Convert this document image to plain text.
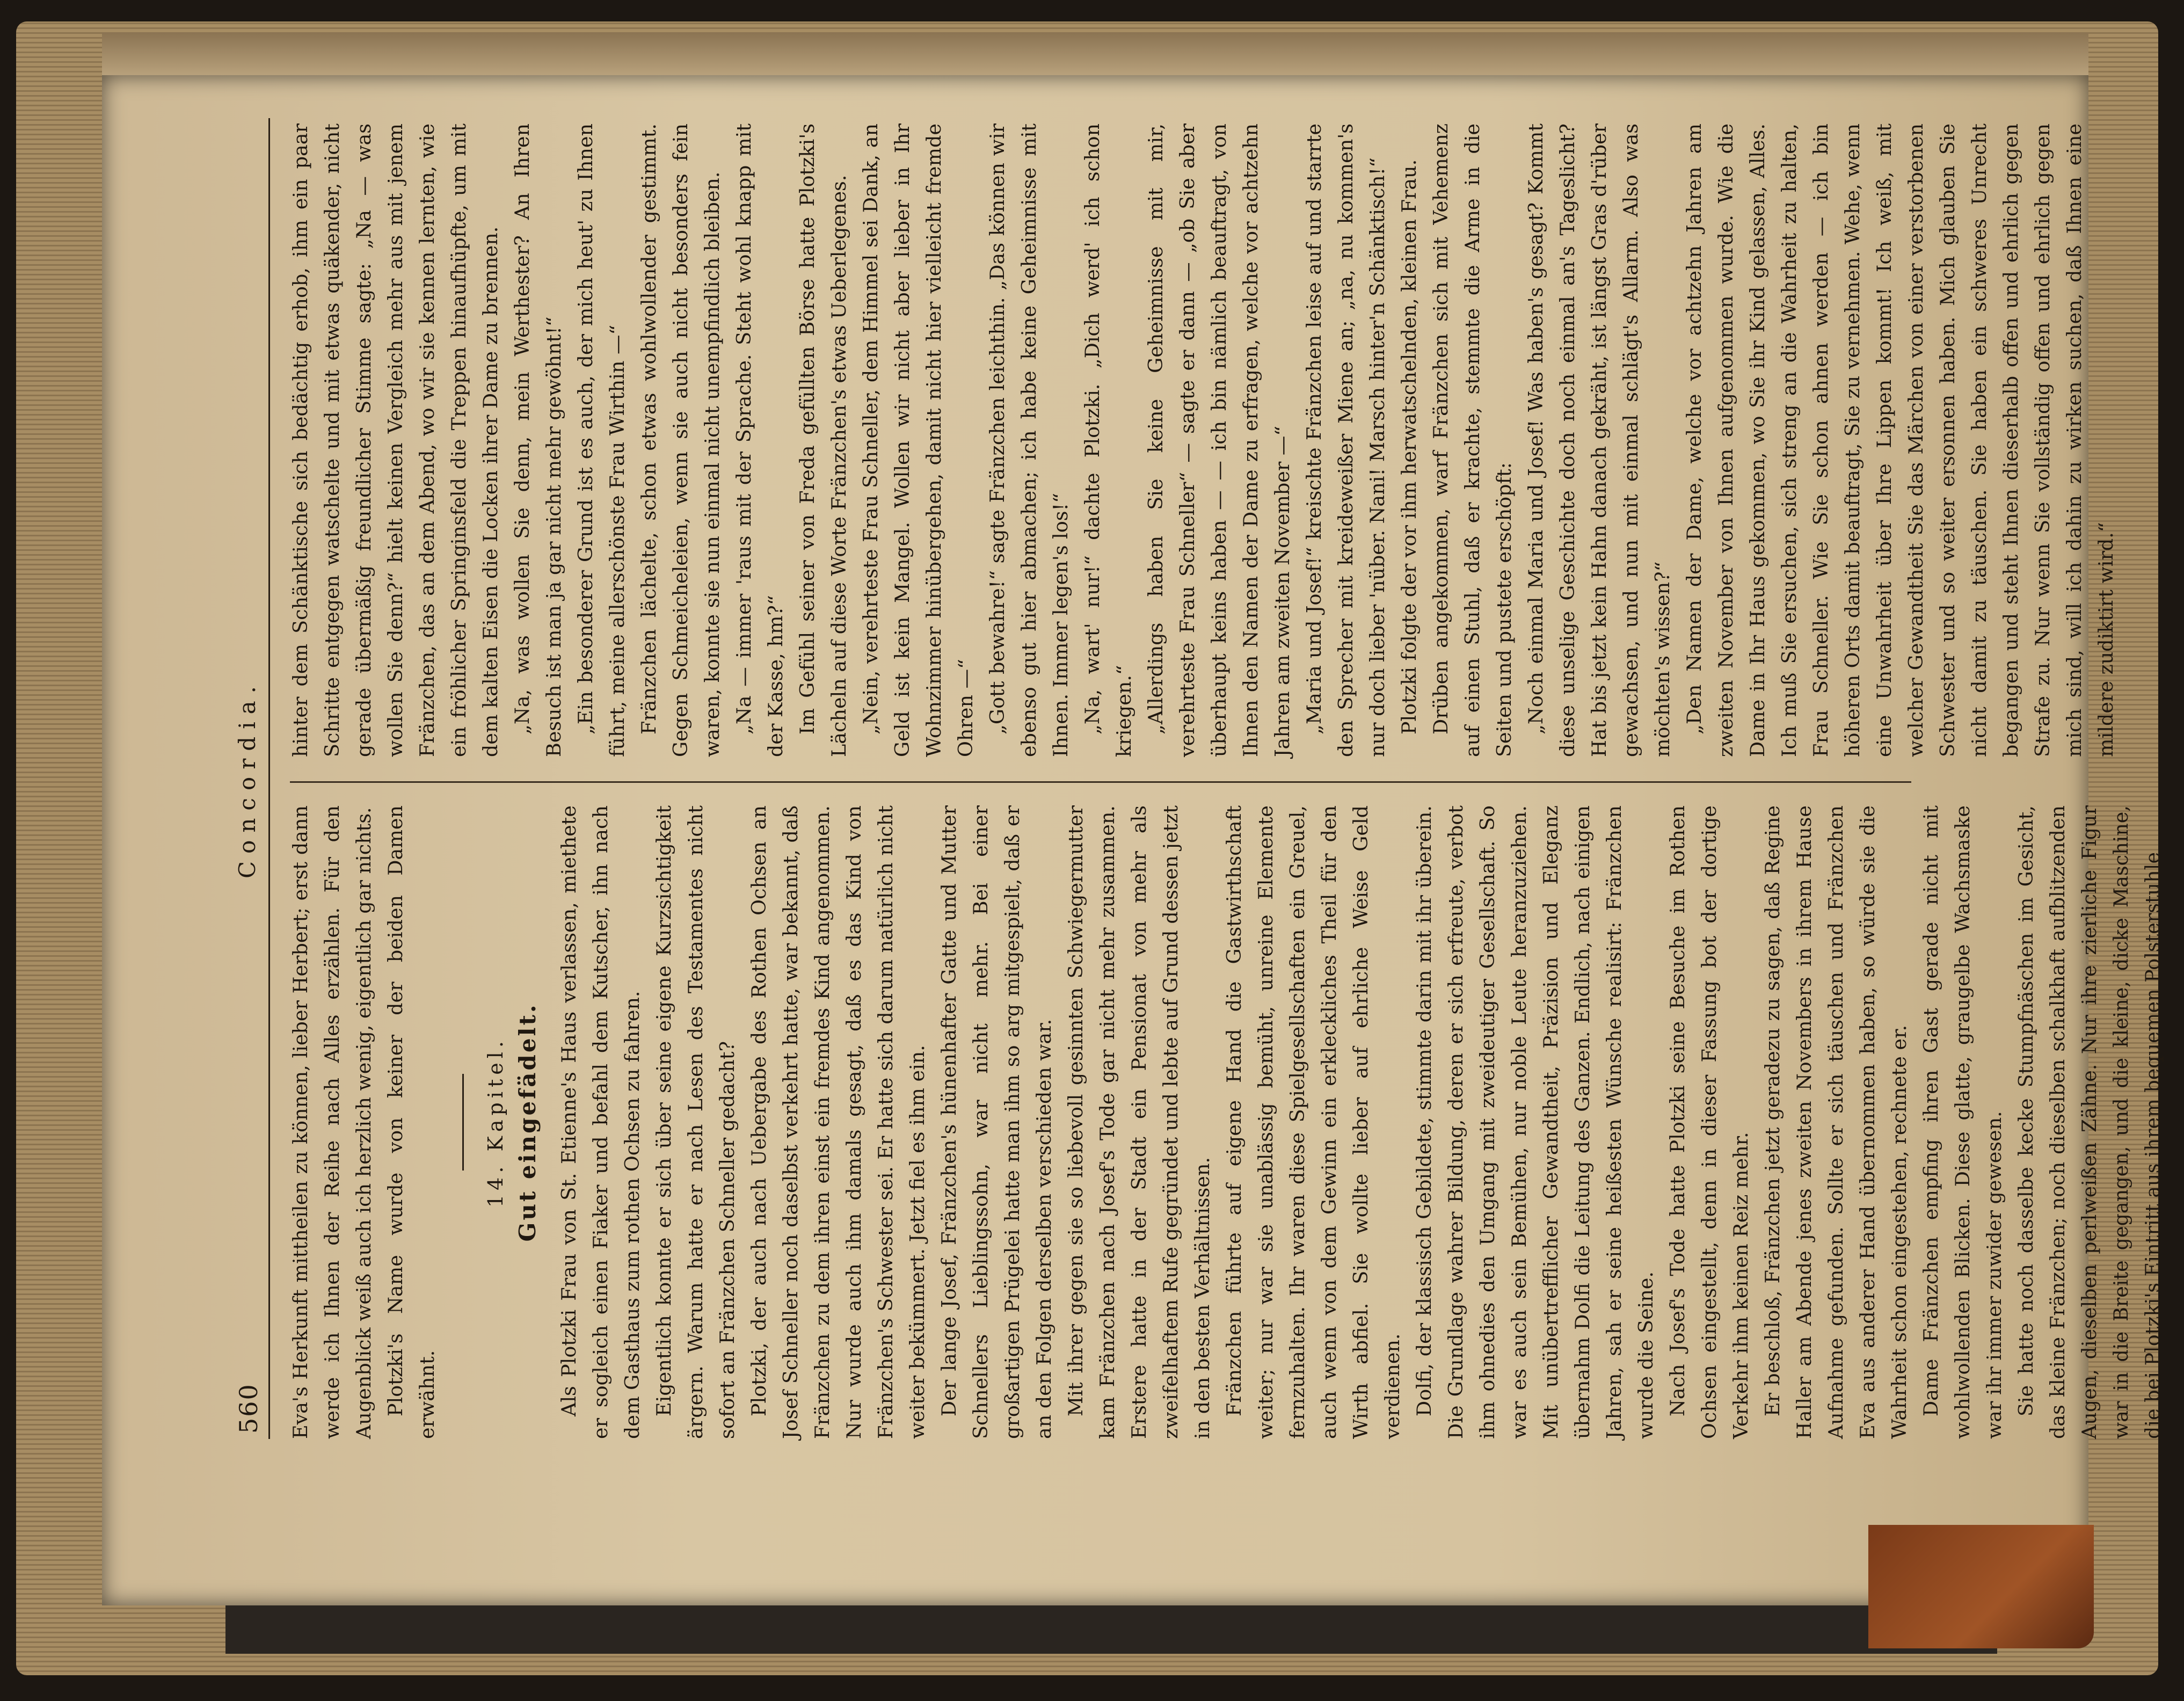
560
Concordia.

Eva's Herkunft mittheilen zu können, lieber Herbert; erst dann werde ich Ihnen der Reihe nach Alles erzählen. Für den Augenblick weiß auch ich herzlich wenig, eigentlich gar nichts. Plotzki's Name wurde von keiner der beiden Damen erwähnt.

14. Kapitel. Gut eingefädelt. Als Plotzki Frau von St. Etienne's Haus verlassen, miethete er sogleich einen Fiaker und befahl dem Kutscher, ihn nach dem Gasthaus zum rothen Ochsen zu fahren. Eigentlich konnte er sich über seine eigene Kurzsichtigkeit ärgern. Warum hatte er nach Lesen des Testamentes nicht sofort an Fränzchen Schneller gedacht? Plotzki, der auch nach Uebergabe des Rothen Ochsen an Josef Schneller noch daselbst verkehrt hatte, war bekannt, daß Fränzchen zu dem ihren einst ein fremdes Kind angenommen. Nur wurde auch ihm damals gesagt, daß es das Kind von Fränzchen's Schwester sei. Er hatte sich darum natürlich nicht weiter bekümmert. Jetzt fiel es ihm ein. Der lange Josef, Fränzchen's hünenhafter Gatte und Mutter Schnellers Lieblingssohn, war nicht mehr. Bei einer großartigen Prügelei hatte man ihm so arg mitgespielt, daß er an den Folgen derselben verschieden war. Mit ihrer gegen sie so liebevoll gesinnten Schwiegermutter kam Fränzchen nach Josef's Tode gar nicht mehr zusammen. Erstere hatte in der Stadt ein Pensionat von mehr als zweifelhaftem Rufe gegründet und lebte auf Grund dessen jetzt in den besten Verhältnissen. Fränzchen führte auf eigene Hand die Gastwirthschaft weiter; nur war sie unablässig bemüht, unreine Elemente fernzuhalten. Ihr waren diese Spielgesellschaften ein Greuel, auch wenn von dem Gewinn ein erkleckliches Theil für den Wirth abfiel. Sie wollte lieber auf ehrliche Weise Geld verdienen. Dolfi, der klassisch Gebildete, stimmte darin mit ihr überein. Die Grundlage wahrer Bildung, deren er sich erfreute, verbot ihm ohnedies den Umgang mit zweideutiger Gesellschaft. So war es auch sein Bemühen, nur noble Leute heranzuziehen. Mit unübertrefflicher Gewandtheit, Präzision und Eleganz übernahm Dolfi die Leitung des Ganzen. Endlich, nach einigen Jahren, sah er seine heißesten Wünsche realisirt: Fränzchen wurde die Seine. Nach Josef's Tode hatte Plotzki seine Besuche im Rothen Ochsen eingestellt, denn in dieser Fassung bot der dortige Verkehr ihm keinen Reiz mehr. Er beschloß, Fränzchen jetzt geradezu zu sagen, daß Regine Haller am Abende jenes zweiten Novembers in ihrem Hause Aufnahme gefunden. Sollte er sich täuschen und Fränzchen Eva aus anderer Hand übernommen haben, so würde sie die Wahrheit schon eingestehen, rechnete er. Dame Fränzchen empfing ihren Gast gerade nicht mit wohlwollenden Blicken. Diese glatte, graugelbe Wachsmaske war ihr immer zuwider gewesen. Sie hatte noch dasselbe kecke Stumpfnäschen im Gesicht, das kleine Fränzchen; noch dieselben schalkhaft aufblitzenden Augen, dieselben perlweißen Zähne. Nur ihre zierliche Figur war in die Breite gegangen, und die kleine, dicke Maschine, die bei Plotzki's Eintritt aus ihrem bequemen Polsterstuhle

hinter dem Schänktische sich bedächtig erhob, ihm ein paar Schritte entgegen watschelte und mit etwas quäkender, nicht gerade übermäßig freundlicher Stimme sagte: „Na — was wollen Sie denn?“ hielt keinen Vergleich mehr aus mit jenem Fränzchen, das an dem Abend, wo wir sie kennen lernten, wie ein fröhlicher Springinsfeld die Treppen hinaufhüpfte, um mit dem kalten Eisen die Locken ihrer Dame zu brennen. „Na, was wollen Sie denn, mein Werthester? An Ihren Besuch ist man ja gar nicht mehr gewöhnt!“ „Ein besonderer Grund ist es auch, der mich heut' zu Ihnen führt, meine allerschönste Frau Wirthin —“ Fränzchen lächelte, schon etwas wohlwollender gestimmt. Gegen Schmeicheleien, wenn sie auch nicht besonders fein waren, konnte sie nun einmal nicht unempfindlich bleiben. „Na — immer 'raus mit der Sprache. Steht wohl knapp mit der Kasse, hm?“ Im Gefühl seiner von Freda gefüllten Börse hatte Plotzki's Lächeln auf diese Worte Fränzchen's etwas Ueberlegenes. „Nein, verehrteste Frau Schneller, dem Himmel sei Dank, an Geld ist kein Mangel. Wollen wir nicht aber lieber in Ihr Wohnzimmer hinübergehen, damit nicht hier vielleicht fremde Ohren —“ „Gott bewahre!“ sagte Fränzchen leichthin. „Das können wir ebenso gut hier abmachen; ich habe keine Geheimnisse mit Ihnen. Immer legen's los!“ „Na, wart' nur!“ dachte Plotzki. „Dich werd' ich schon kriegen.“ „Allerdings haben Sie keine Geheimnisse mit mir, verehrteste Frau Schneller“ — sagte er dann — „ob Sie aber überhaupt keins haben — — ich bin nämlich beauftragt, von Ihnen den Namen der Dame zu erfragen, welche vor achtzehn Jahren am zweiten November —“ „Maria und Josef!“ kreischte Fränzchen leise auf und starrte den Sprecher mit kreideweißer Miene an; „na, nu kommen's nur doch lieber 'nüber. Nani! Marsch hinter'n Schänktisch!“ Plotzki folgte der vor ihm herwatschelnden, kleinen Frau. Drüben angekommen, warf Fränzchen sich mit Vehemenz auf einen Stuhl, daß er krachte, stemmte die Arme in die Seiten und pustete erschöpft: „Noch einmal Maria und Josef! Was haben's gesagt? Kommt diese unselige Geschichte doch noch einmal an's Tageslicht? Hat bis jetzt kein Hahn danach gekräht, ist längst Gras d'rüber gewachsen, und nun mit einmal schlägt's Allarm. Also was möchten's wissen?“ „Den Namen der Dame, welche vor achtzehn Jahren am zweiten November von Ihnen aufgenommen wurde. Wie die Dame in Ihr Haus gekommen, wo Sie ihr Kind gelassen, Alles. Ich muß Sie ersuchen, sich streng an die Wahrheit zu halten, Frau Schneller. Wie Sie schon ahnen werden — ich bin höheren Orts damit beauftragt, Sie zu vernehmen. Wehe, wenn eine Unwahrheit über Ihre Lippen kommt! Ich weiß, mit welcher Gewandtheit Sie das Märchen von einer verstorbenen Schwester und so weiter ersonnen haben. Mich glauben Sie nicht damit zu täuschen. Sie haben ein schweres Unrecht begangen und steht Ihnen dieserhalb offen und ehrlich gegen Strafe zu. Nur wenn Sie vollständig offen und ehrlich gegen mich sind, will ich dahin zu wirken suchen, daß Ihnen eine mildere zudiktirt wird.“
